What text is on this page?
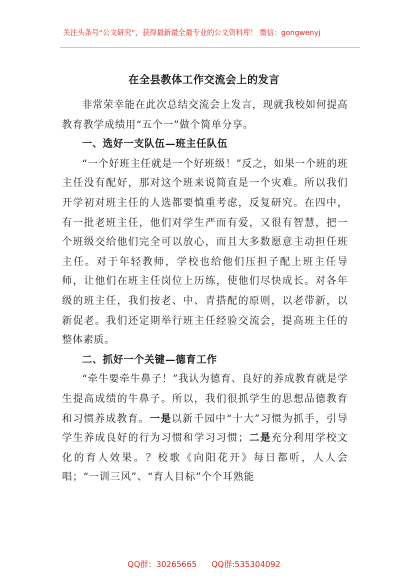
关注头条号“公文研究”，获得最新最全最专业的公文资料库！ 微信：gongwenyj
在全县教体工作交流会上的发言

非常荣幸能在此次总结交流会上发言，现就我校如何提高教育教学成绩用“五个一”做个简单分享。

一、选好一支队伍—班主任队伍

“一个好班主任就是一个好班级！”反之，如果一个班的班主任没有配好，那对这个班来说简直是一个灾难。所以我们开学初对班主任的人选都要慎重考虑，反复研究。在四中，有一批老班主任，他们对学生严而有爱，又很有智慧，把一个班级交给他们完全可以放心，而且大多数愿意主动担任班主任。对于年轻教师，学校也给他们压担子配上班主任导师，让他们在班主任岗位上历练，使他们尽快成长。对各年级的班主任，我们按老、中、青搭配的原则，以老带新，以新促老。我们还定期举行班主任经验交流会，提高班主任的整体素质。

二、抓好一个关键—德育工作

“牵牛要牵牛鼻子！”我认为德育、良好的养成教育就是学生提高成绩的牛鼻子。所以，我们很抓学生的思想品德教育和习惯养成教育。一是以新千园中“十大”习惯为抓手，引导学生养成良好的行为习惯和学习习惯；二是充分利用学校文化的育人效果。？校歌《向阳花开》每日都听，人人会唱；“一训三风”、“育人目标”个个耳熟能

QQ群：30265665 QQ群:535304092
